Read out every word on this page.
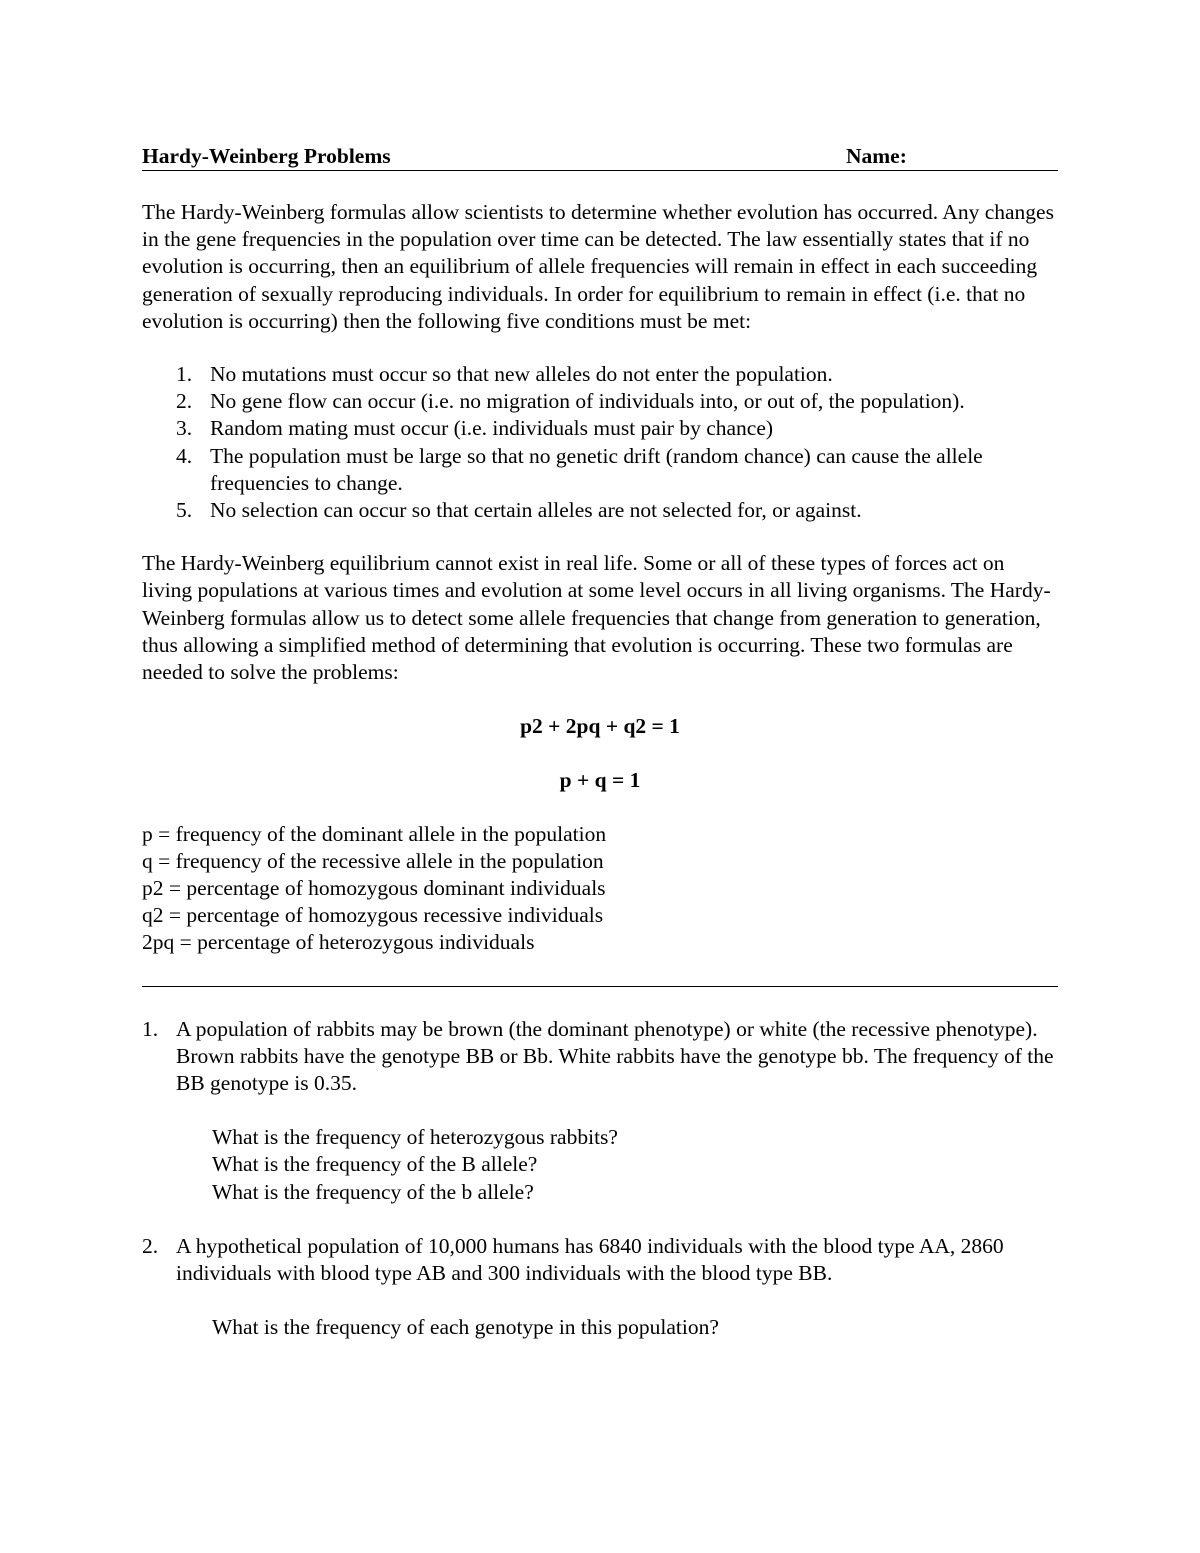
Hardy-Weinberg Problems	Name:

The Hardy-Weinberg formulas allow scientists to determine whether evolution has occurred. Any changes in the gene frequencies in the population over time can be detected. The law essentially states that if no evolution is occurring, then an equilibrium of allele frequencies will remain in effect in each succeeding generation of sexually reproducing individuals. In order for equilibrium to remain in effect (i.e. that no evolution is occurring) then the following five conditions must be met:

1. No mutations must occur so that new alleles do not enter the population.
2. No gene flow can occur (i.e. no migration of individuals into, or out of, the population).
3. Random mating must occur (i.e. individuals must pair by chance)
4. The population must be large so that no genetic drift (random chance) can cause the allele frequencies to change.
5. No selection can occur so that certain alleles are not selected for, or against.

The Hardy-Weinberg equilibrium cannot exist in real life. Some or all of these types of forces act on living populations at various times and evolution at some level occurs in all living organisms. The Hardy-Weinberg formulas allow us to detect some allele frequencies that change from generation to generation, thus allowing a simplified method of determining that evolution is occurring. These two formulas are needed to solve the problems:

p2 + 2pq + q2 = 1
p + q = 1
p = frequency of the dominant allele in the population
q = frequency of the recessive allele in the population
p2 = percentage of homozygous dominant individuals
q2 = percentage of homozygous recessive individuals
2pq = percentage of heterozygous individuals
1. A population of rabbits may be brown (the dominant phenotype) or white (the recessive phenotype). Brown rabbits have the genotype BB or Bb. White rabbits have the genotype bb. The frequency of the BB genotype is 0.35.
What is the frequency of heterozygous rabbits?
What is the frequency of the B allele?
What is the frequency of the b allele?
2. A hypothetical population of 10,000 humans has 6840 individuals with the blood type AA, 2860 individuals with blood type AB and 300 individuals with the blood type BB.
What is the frequency of each genotype in this population?
